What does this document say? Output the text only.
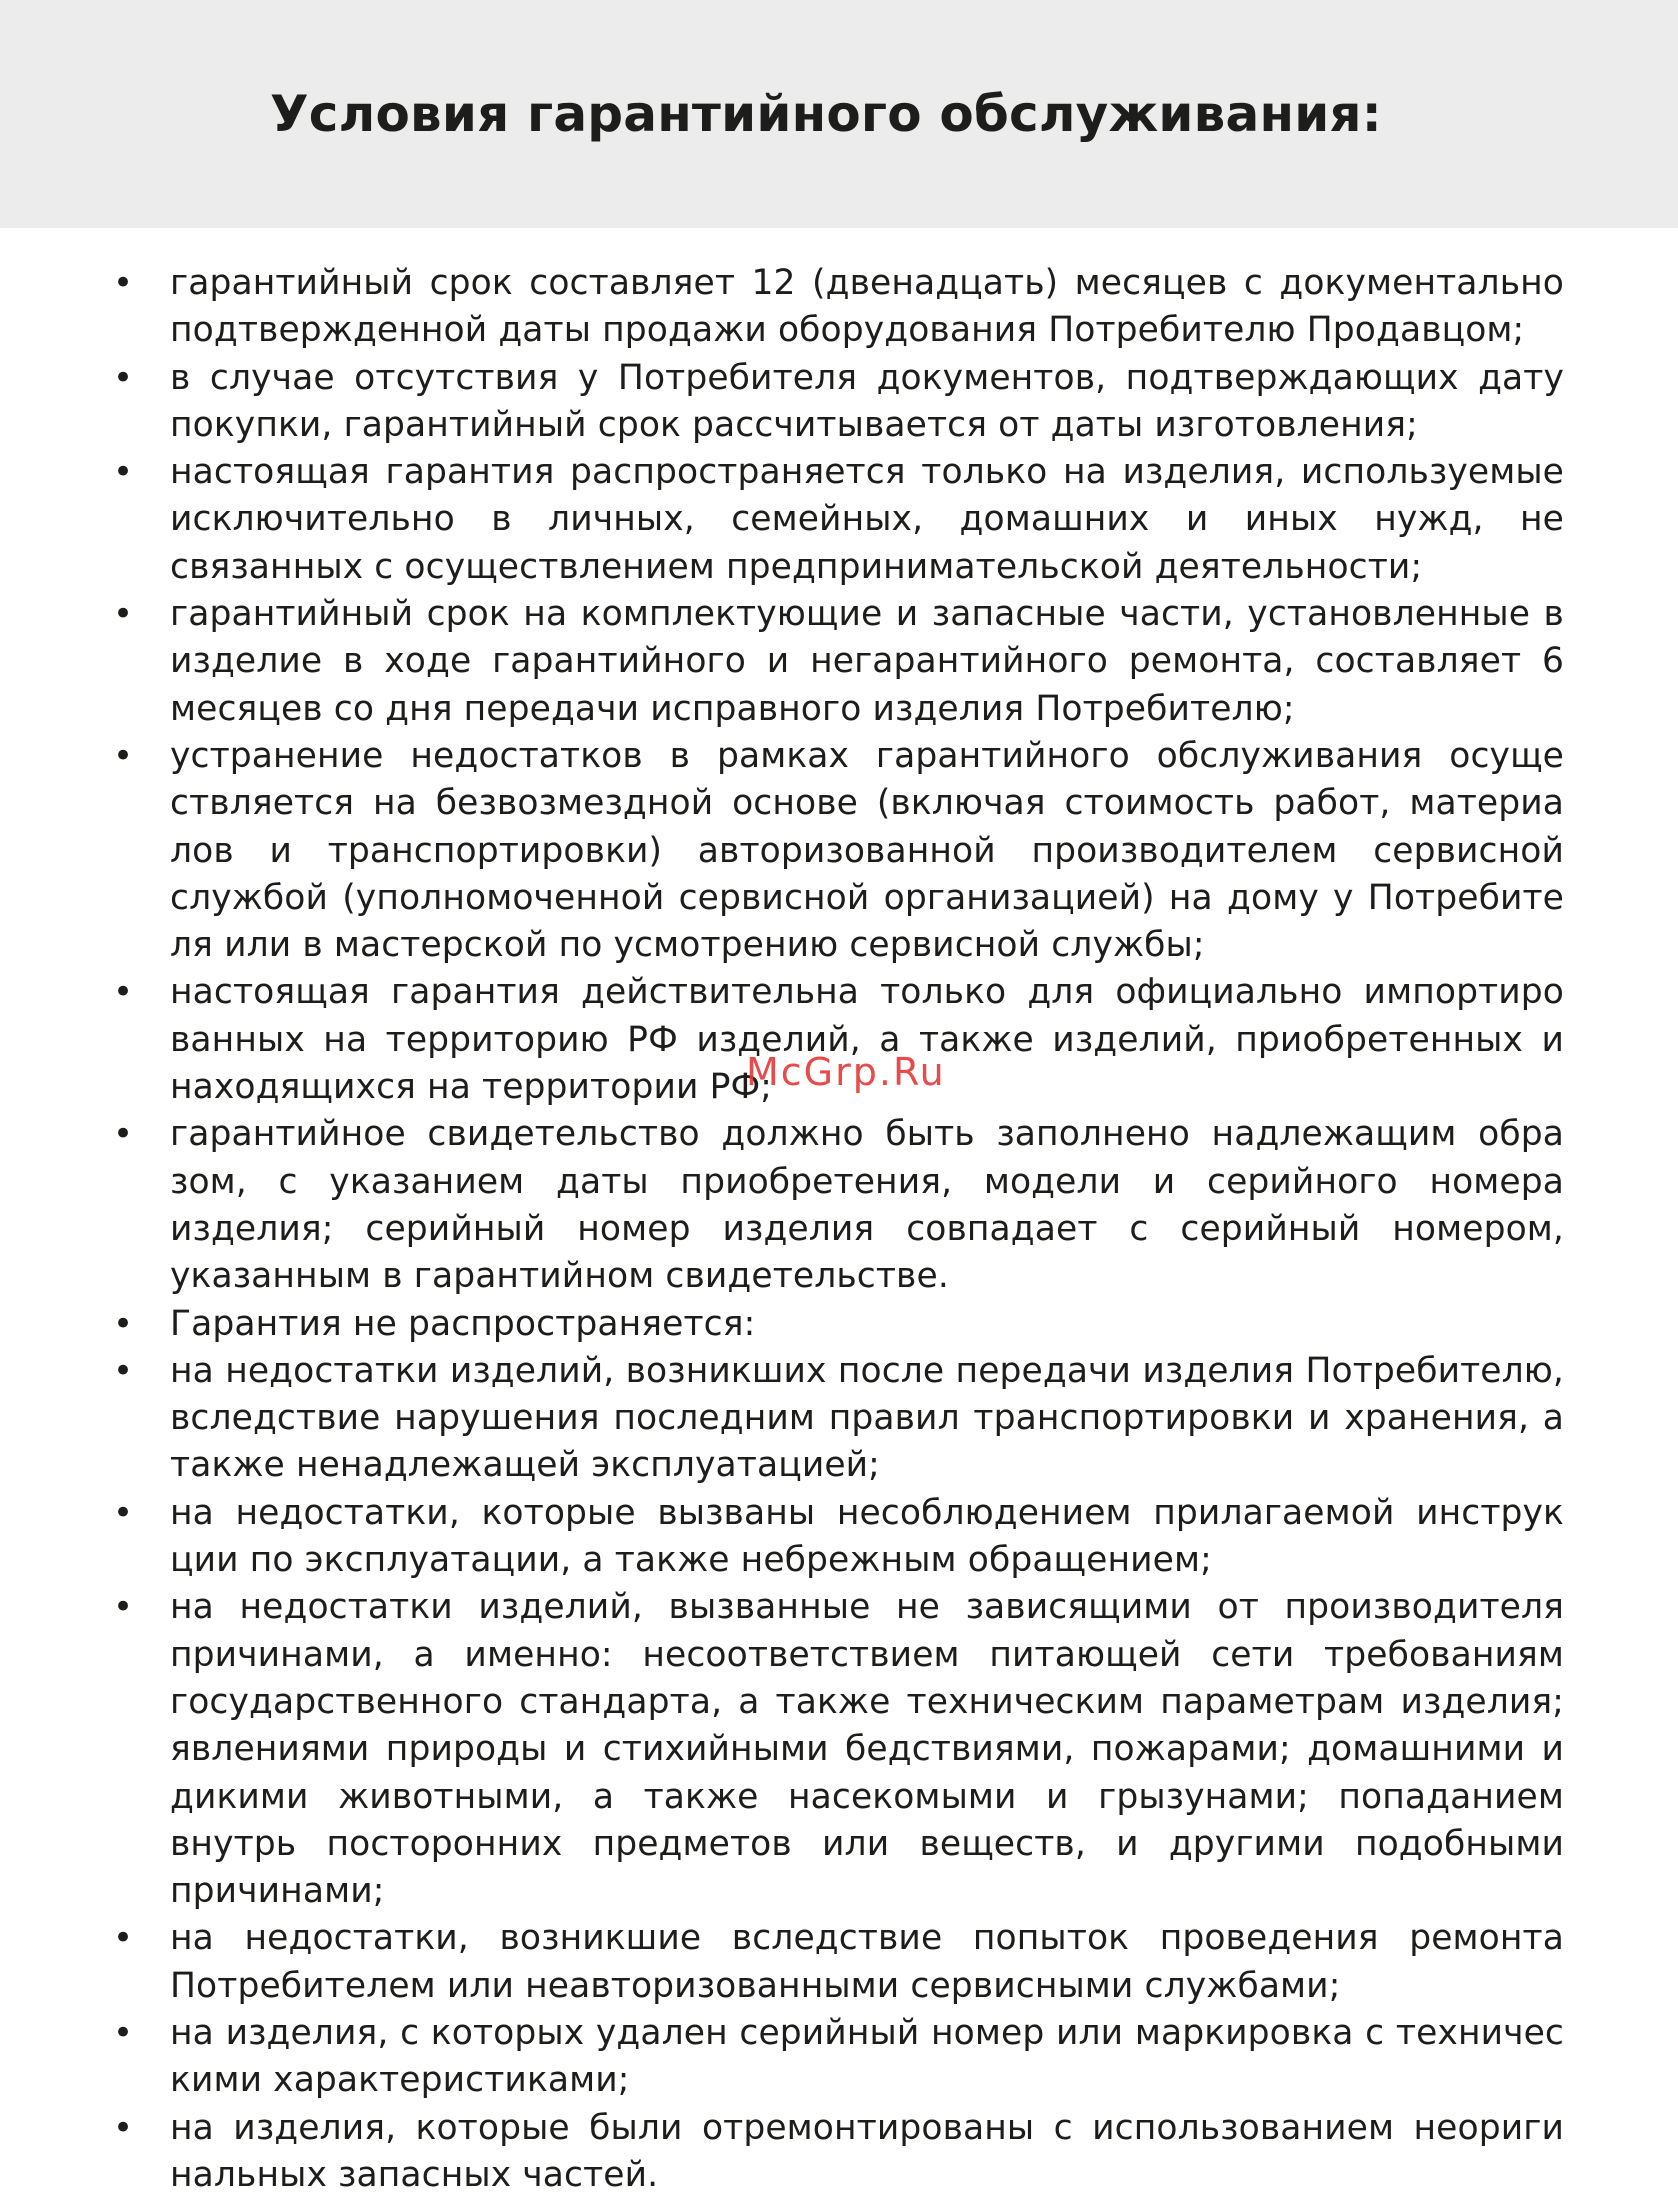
Условия гарантийного обслуживания:
• гарантийный срок составляет 12 (двенадцать) месяцев с документально подтвержденной даты продажи оборудования Потребителю Продавцом;
• в случае отсутствия у Потребителя документов, подтверждающих дату покупки, гарантийный срок рассчитывается от даты изготовления;
• настоящая гарантия распространяется только на изделия, используемые исключительно в личных, семейных, домашних и иных нужд, не связанных с осуществлением предпринимательской деятельности;
• гарантийный срок на комплектующие и запасные части, установленные в изделие в ходе гарантийного и негарантийного ремонта, составляет 6 месяцев со дня передачи исправного изделия Потребителю;
• устранение недостатков в рамках гарантийного обслуживания осуще ствляется на безвозмездной основе (включая стоимость работ, материа лов и транспортировки) авторизованной производителем сервисной службой (уполномоченной сервисной организацией) на дому у Потребите ля или в мастерской по усмотрению сервисной службы;
• настоящая гарантия действительна только для официально импортиро ванных на территорию РФ изделий, а также изделий, приобретенных и находящихся на территории РФ;
• гарантийное свидетельство должно быть заполнено надлежащим обра зом, с указанием даты приобретения, модели и серийного номера изделия; серийный номер изделия совпадает с серийный номером, указанным в гарантийном свидетельстве.
• Гарантия не распространяется:
• на недостатки изделий, возникших после передачи изделия Потребителю, вследствие нарушения последним правил транспортировки и хранения, а также ненадлежащей эксплуатацией;
• на недостатки, которые вызваны несоблюдением прилагаемой инструк ции по эксплуатации, а также небрежным обращением;
• на недостатки изделий, вызванные не зависящими от производителя причинами, а именно: несоответствием питающей сети требованиям государственного стандарта, а также техническим параметрам изделия; явлениями природы и стихийными бедствиями, пожарами; домашними и дикими животными, а также насекомыми и грызунами; попаданием внутрь посторонних предметов или веществ, и другими подобными причинами;
• на недостатки, возникшие вследствие попыток проведения ремонта Потребителем или неавторизованными сервисными службами;
• на изделия, с которых удален серийный номер или маркировка с техничес кими характеристиками;
• на изделия, которые были отремонтированы с использованием неориги нальных запасных частей.
McGrp.Ru
